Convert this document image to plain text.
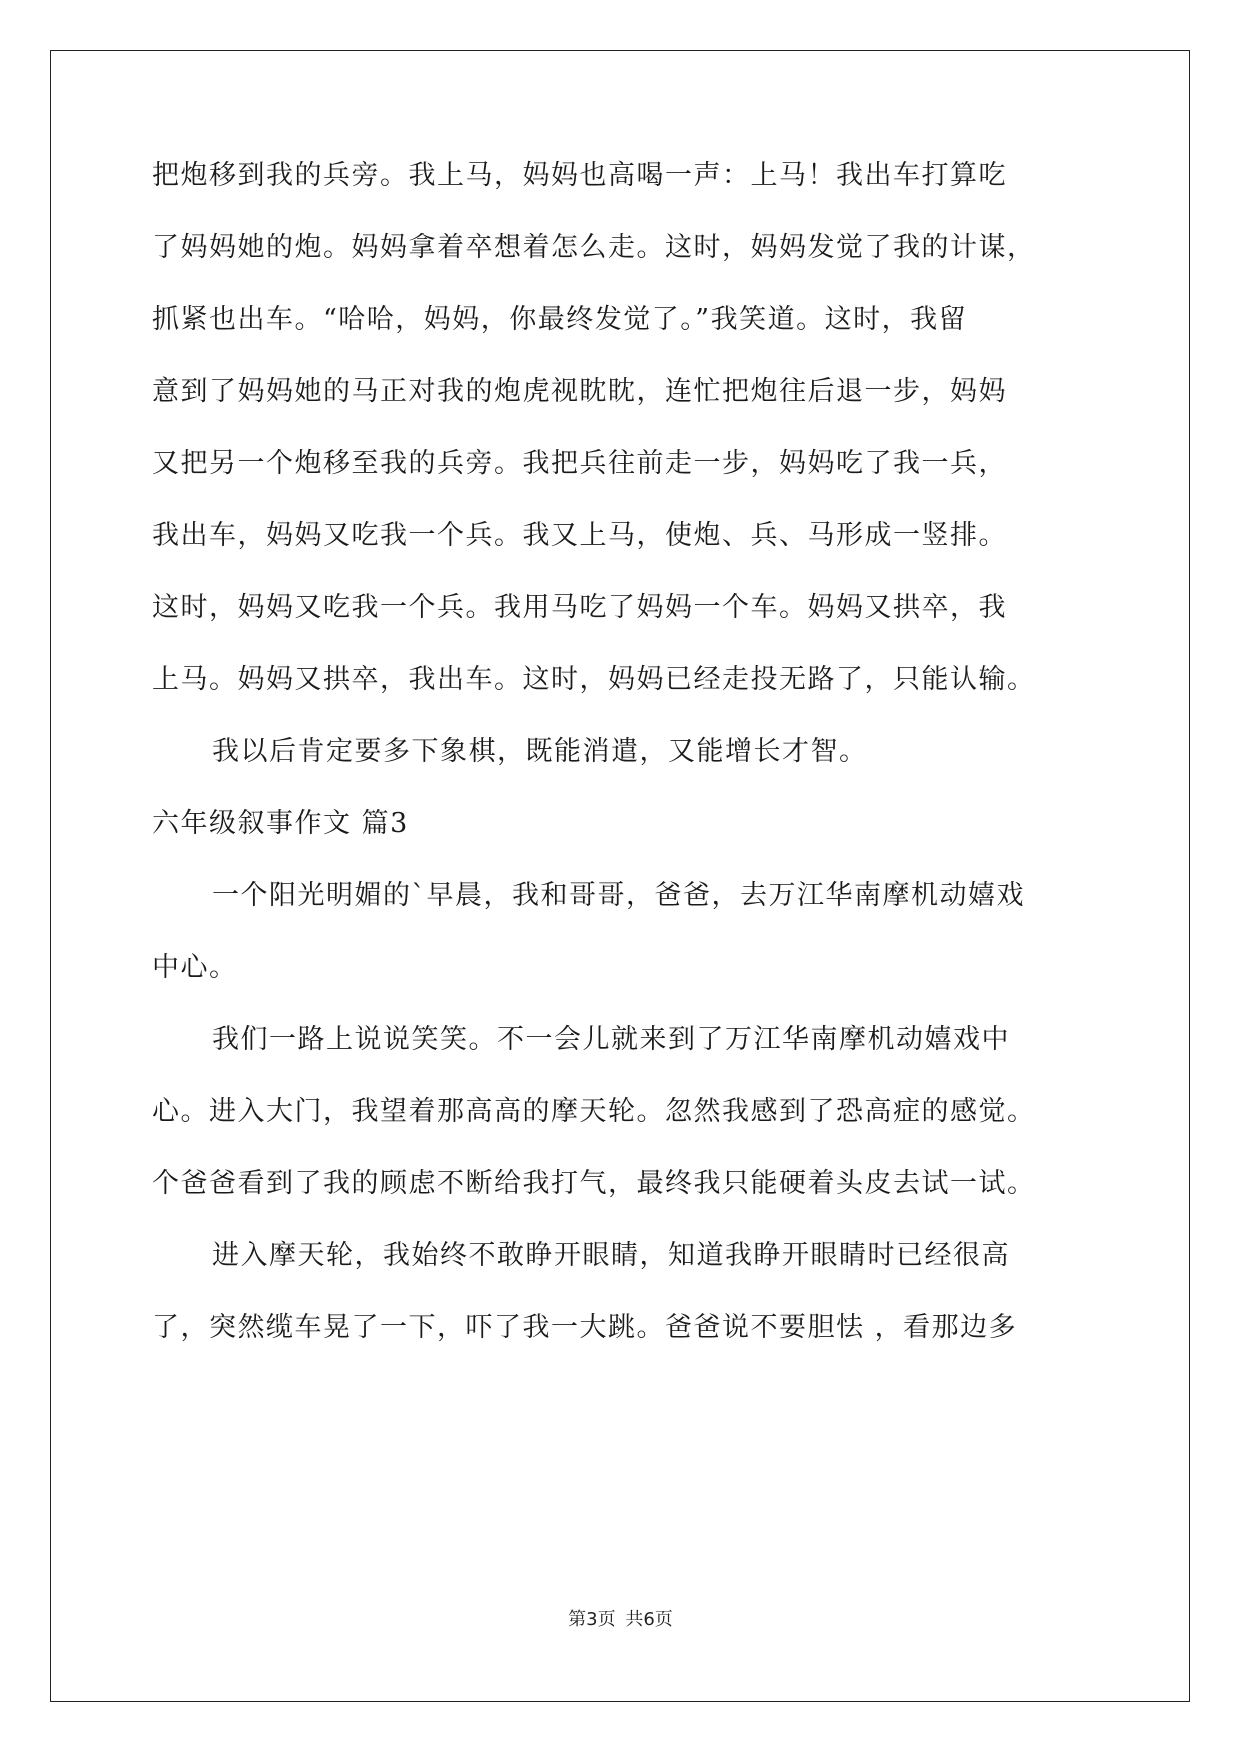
把炮移到我的兵旁。我上马，妈妈也高喝一声：上马！我出车打算吃
了妈妈她的炮。妈妈拿着卒想着怎么走。这时，妈妈发觉了我的计谋，
抓紧也出车。“哈哈，妈妈，你最终发觉了。”我笑道。这时，我留
意到了妈妈她的马正对我的炮虎视眈眈，连忙把炮往后退一步，妈妈
又把另一个炮移至我的兵旁。我把兵往前走一步，妈妈吃了我一兵，
我出车，妈妈又吃我一个兵。我又上马，使炮、兵、马形成一竖排。
这时，妈妈又吃我一个兵。我用马吃了妈妈一个车。妈妈又拱卒，我
上马。妈妈又拱卒，我出车。这时，妈妈已经走投无路了，只能认输。
我以后肯定要多下象棋，既能消遣，又能增长才智。
六年级叙事作文 篇3
一个阳光明媚的`早晨，我和哥哥，爸爸，去万江华南摩机动嬉戏
中心。
我们一路上说说笑笑。不一会儿就来到了万江华南摩机动嬉戏中
心。进入大门，我望着那高高的摩天轮。忽然我感到了恐高症的感觉。
个爸爸看到了我的顾虑不断给我打气，最终我只能硬着头皮去试一试。
进入摩天轮，我始终不敢睁开眼睛，知道我睁开眼睛时已经很高
了，突然缆车晃了一下，吓了我一大跳。爸爸说不要胆怯 ，看那边多
第3页 共6页
